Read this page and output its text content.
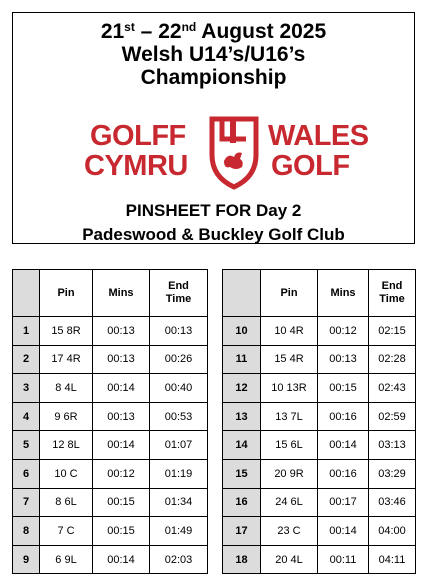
21st – 22nd August 2025
Welsh U14’s/U16’s
Championship
GOLFF
CYMRU
WALES
GOLF
PINSHEET FOR Day 2
Padeswood & Buckley Golf Club
	Pin	Mins	End
Time
1	15 8R	00:13	00:13
2	17 4R	00:13	00:26
3	8 4L	00:14	00:40
4	9 6R	00:13	00:53
5	12 8L	00:14	01:07
6	10 C	00:12	01:19
7	8 6L	00:15	01:34
8	7 C	00:15	01:49
9	6 9L	00:14	02:03
	Pin	Mins	End
Time
10	10 4R	00:12	02:15
11	15 4R	00:13	02:28
12	10 13R	00:15	02:43
13	13 7L	00:16	02:59
14	15 6L	00:14	03:13
15	20 9R	00:16	03:29
16	24 6L	00:17	03:46
17	23 C	00:14	04:00
18	20 4L	00:11	04:11
